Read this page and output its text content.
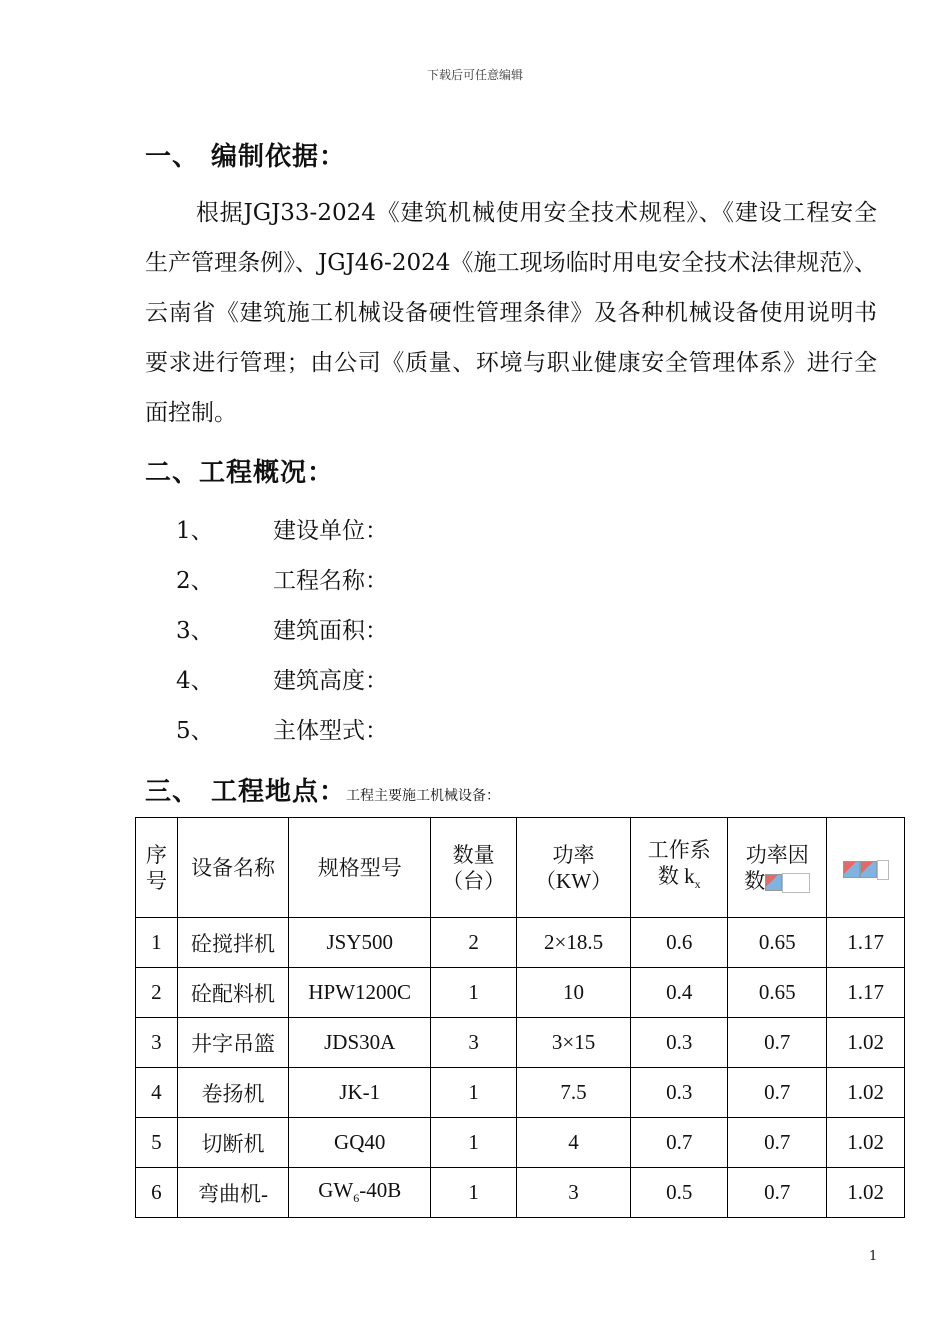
下载后可任意编辑
一、 编制依据：
根据JGJ33-2024《建筑机械使用安全技术规程》、《建设工程安全生产管理条例》、JGJ46-2024《施工现场临时用电安全技术法律规范》、云南省《建筑施工机械设备硬性管理条律》及各种机械设备使用说明书要求进行管理；由公司《质量、环境与职业健康安全管理体系》进行全面控制。
二、工程概况：
1、	建设单位：
2、	工程名称：
3、	建筑面积：
4、	建筑高度：
5、	主体型式：
三、 工程地点：工程主要施工机械设备：
序号	设备名称	规格型号	数量（台）	功率（KW）	工作系数 $k_x$	功率因数	
1	砼搅拌机	JSY500	2	2×18.5	0.6	0.65	1.17
2	砼配料机	HPW1200C	1	10	0.4	0.65	1.17
3	井字吊篮	JDS30A	3	3×15	0.3	0.7	1.02
4	卷扬机	JK-1	1	7.5	0.3	0.7	1.02
5	切断机	GQ40	1	4	0.7	0.7	1.02
6	弯曲机-	$GW_6-40B$	1	3	0.5	0.7	1.02
1
